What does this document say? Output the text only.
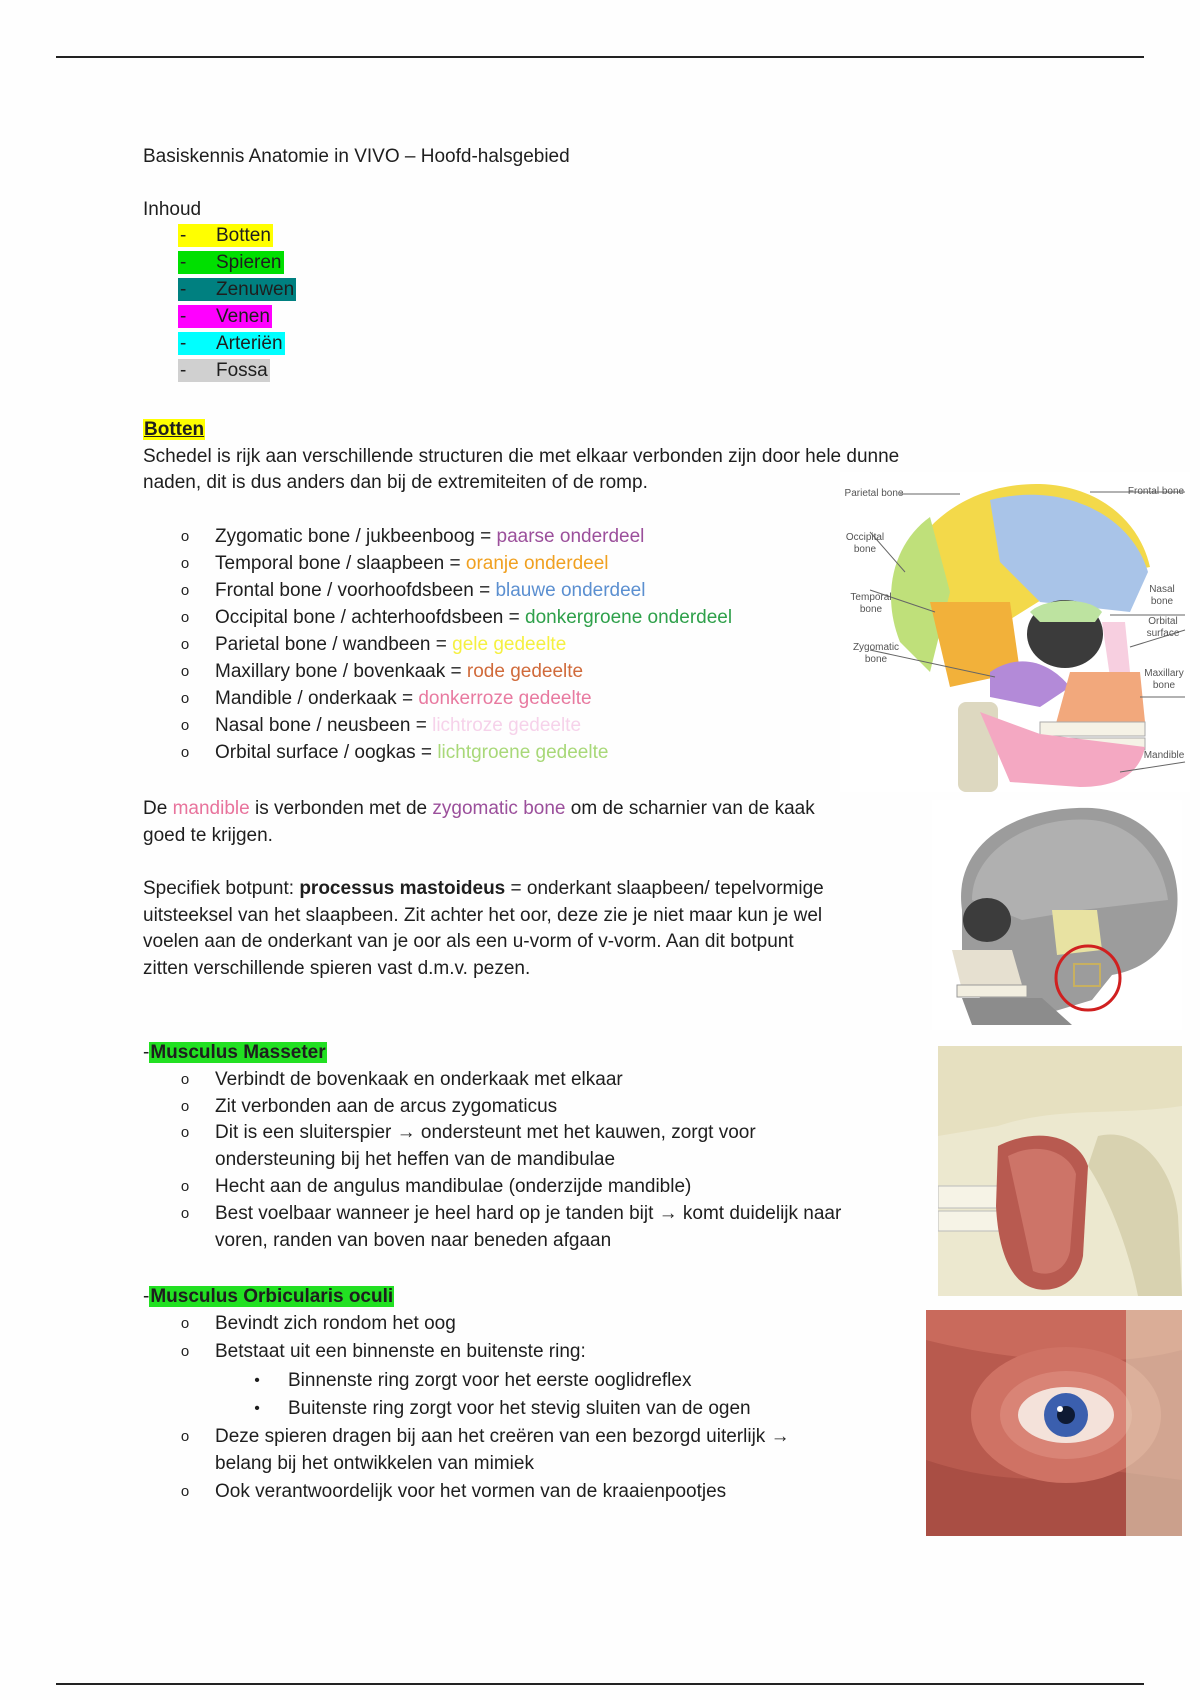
Basiskennis Anatomie in VIVO – Hoofd-halsgebied
Inhoud
- Botten
- Spieren
- Zenuwen
- Venen
- Arteriën
- Fossa
Botten
Schedel is rijk aan verschillende structuren die met elkaar verbonden zijn door hele dunne
naden, dit is dus anders dan bij de extremiteiten of de romp.
o	Zygomatic bone / jukbeenboog = paarse onderdeel
o	Temporal bone / slaapbeen = oranje onderdeel
o	Frontal bone / voorhoofdsbeen = blauwe onderdeel
o	Occipital bone / achterhoofdsbeen = donkergroene onderdeel
o	Parietal bone / wandbeen = gele gedeelte
o	Maxillary bone / bovenkaak = rode gedeelte
o	Mandible / onderkaak = donkerroze gedeelte
o	Nasal bone / neusbeen = lichtroze gedeelte
o	Orbital surface / oogkas = lichtgroene gedeelte
Parietal bone	Frontal bone
Occipital bone
Temporal bone
Zygomatic bone
Nasal bone
Orbital surface
Maxillary bone
Mandible
De mandible is verbonden met de zygomatic bone om de scharnier van de kaak
goed te krijgen.
Specifiek botpunt: processus mastoideus = onderkant slaapbeen/ tepelvormige
uitsteeksel van het slaapbeen. Zit achter het oor, deze zie je niet maar kun je wel
voelen aan de onderkant van je oor als een u-vorm of v-vorm. Aan dit botpunt
zitten verschillende spieren vast d.m.v. pezen.
-Musculus Masseter
o	Verbindt de bovenkaak en onderkaak met elkaar
o	Zit verbonden aan de arcus zygomaticus
o	Dit is een sluiterspier → ondersteunt met het kauwen, zorgt voor
ondersteuning bij het heffen van de mandibulae
o	Hecht aan de angulus mandibulae (onderzijde mandible)
o	Best voelbaar wanneer je heel hard op je tanden bijt → komt duidelijk naar
voren, randen van boven naar beneden afgaan
-Musculus Orbicularis oculi
o	Bevindt zich rondom het oog
o	Betstaat uit een binnenste en buitenste ring:
•	Binnenste ring zorgt voor het eerste ooglidreflex
•	Buitenste ring zorgt voor het stevig sluiten van de ogen
o	Deze spieren dragen bij aan het creëren van een bezorgd uiterlijk →
belang bij het ontwikkelen van mimiek
o	Ook verantwoordelijk voor het vormen van de kraaienpootjes
